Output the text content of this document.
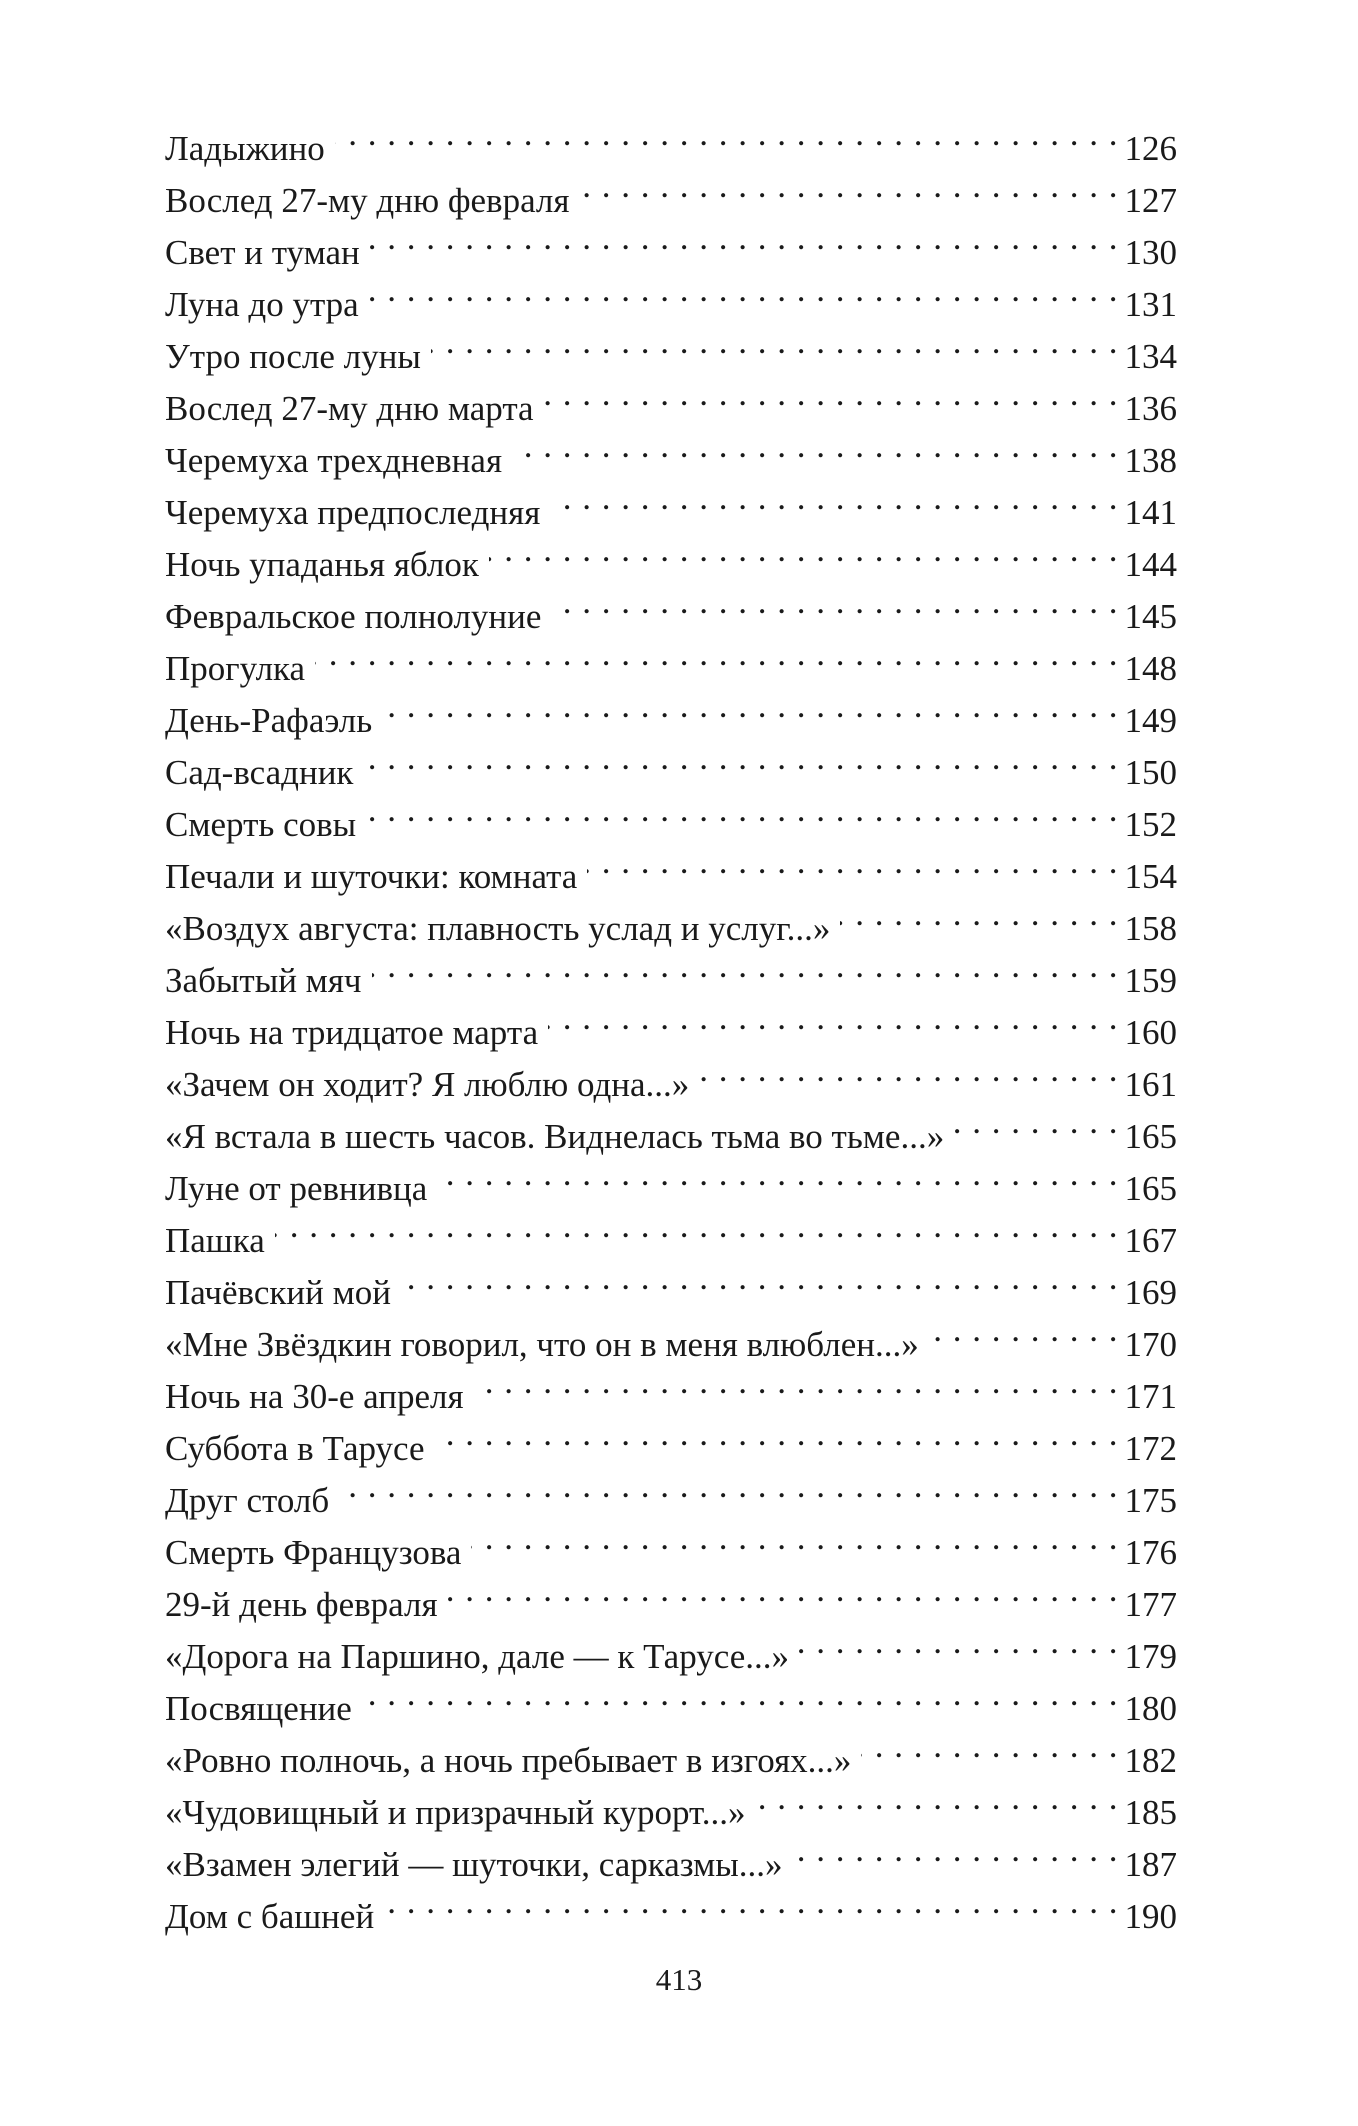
Ладыжино . . .	126
Вослед 27-му дню февраля . . .	127
Свет и туман . . .	130
Луна до утра . . .	131
Утро после луны . . .	134
Вослед 27-му дню марта . . .	136
Черемуха трехдневная . . .	138
Черемуха предпоследняя . . .	141
Ночь упаданья яблок . . .	144
Февральское полнолуние . . .	145
Прогулка . . .	148
День-Рафаэль . . .	149
Сад-всадник . . .	150
Смерть совы . . .	152
Печали и шуточки: комната . . .	154
«Воздух августа: плавность услад и услуг...» . . .	158
Забытый мяч . . .	159
Ночь на тридцатое марта . . .	160
«Зачем он ходит? Я люблю одна...» . . .	161
«Я встала в шесть часов. Виднелась тьма во тьме...» . . .	165
Луне от ревнивца . . .	165
Пашка . . .	167
Пачёвский мой . . .	169
«Мне Звёздкин говорил, что он в меня влюблен...» . . .	170
Ночь на 30-е апреля . . .	171
Суббота в Тарусе . . .	172
Друг столб . . .	175
Смерть Французова . . .	176
29-й день февраля . . .	177
«Дорога на Паршино, дале — к Тарусе...» . . .	179
Посвящение . . .	180
«Ровно полночь, а ночь пребывает в изгоях...» . . .	182
«Чудовищный и призрачный курорт...» . . .	185
«Взамен элегий — шуточки, сарказмы...» . . .	187
Дом с башней . . .	190
413
